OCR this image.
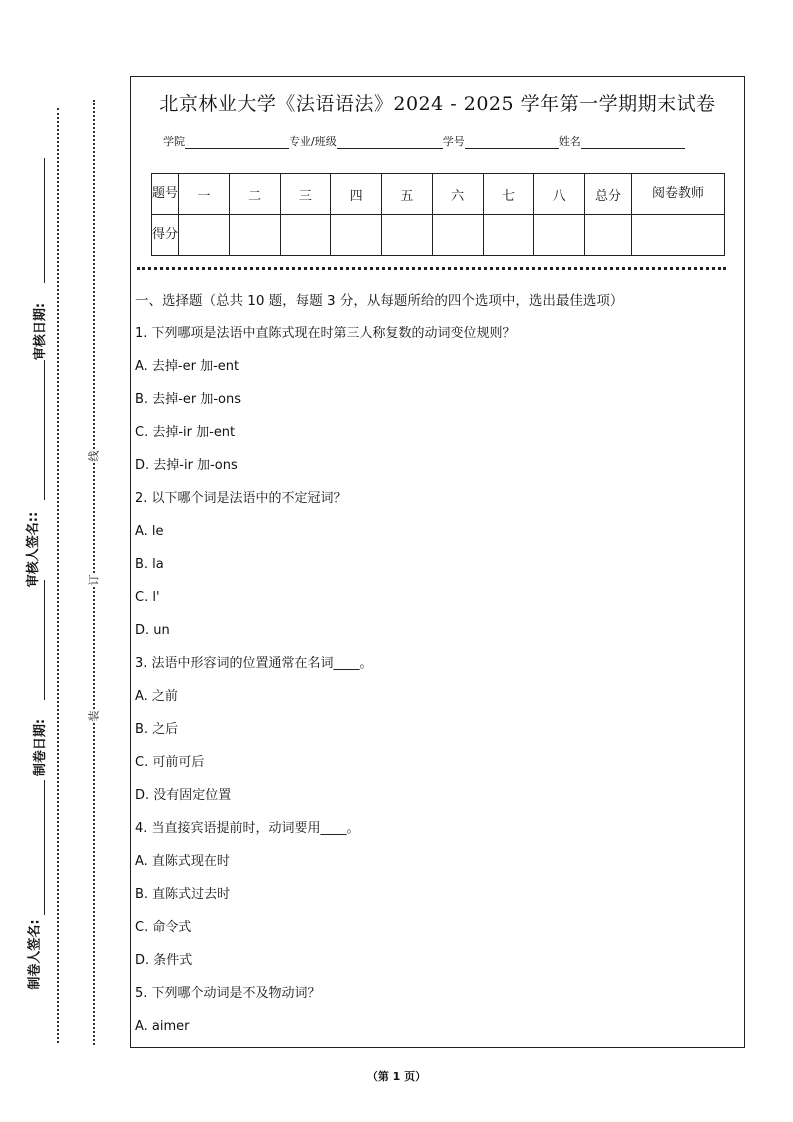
审核日期:
审核人签名::
制卷日期:
制卷人签名:
线
订
装
北京林业大学《法语语法》2024 - 2025 学年第一学期期末试卷
学院	专业/班级	学号	姓名
题号	一	二	三	四	五	六	七	八	总分	阅卷教师
得分										
一、选择题（总共 10 题，每题 3 分，从每题所给的四个选项中，选出最佳选项）
1. 下列哪项是法语中直陈式现在时第三人称复数的动词变位规则？
A. 去掉-er 加-ent
B. 去掉-er 加-ons
C. 去掉-ir 加-ent
D. 去掉-ir 加-ons
2. 以下哪个词是法语中的不定冠词？
A. le
B. la
C. l'
D. un
3. 法语中形容词的位置通常在名词____。
A. 之前
B. 之后
C. 可前可后
D. 没有固定位置
4. 当直接宾语提前时，动词要用____。
A. 直陈式现在时
B. 直陈式过去时
C. 命令式
D. 条件式
5. 下列哪个动词是不及物动词？
A. aimer
（第 1 页）
